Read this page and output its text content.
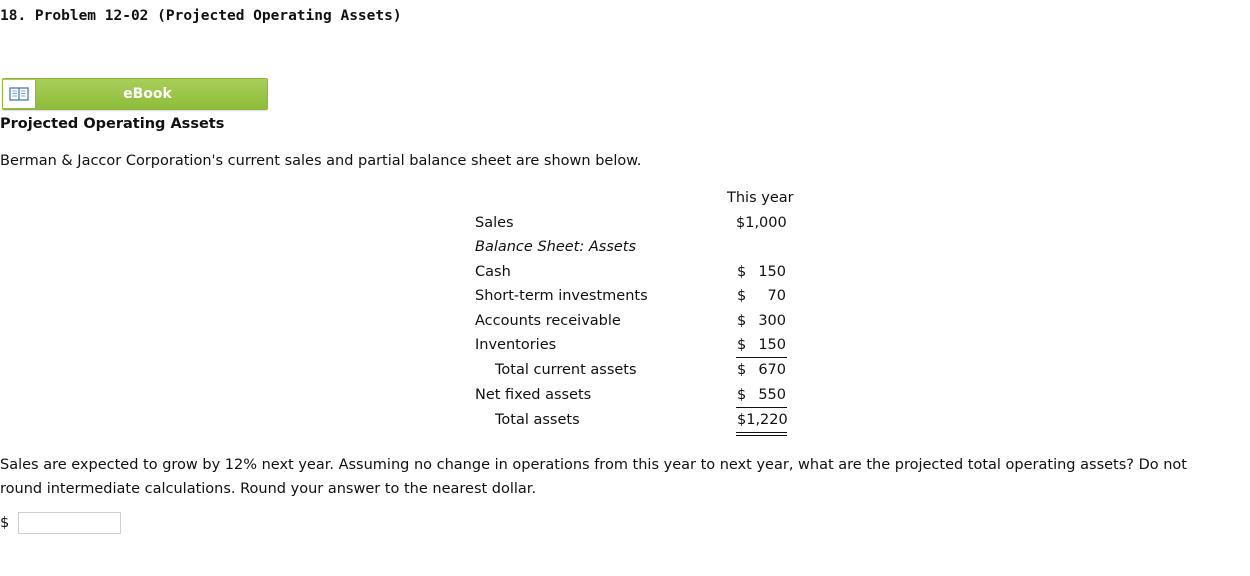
18. Problem 12-02 (Projected Operating Assets)
eBook
Projected Operating Assets
Berman & Jaccor Corporation's current sales and partial balance sheet are shown below.
This year
Sales	$1,000
Balance Sheet: Assets
Cash	$ 150
Short-term investments	$ 70
Accounts receivable	$ 300
Inventories	$ 150
Total current assets	$ 670
Net fixed assets	$ 550
Total assets	$1,220
Sales are expected to grow by 12% next year. Assuming no change in operations from this year to next year, what are the projected total operating assets? Do not round intermediate calculations. Round your answer to the nearest dollar.
$
